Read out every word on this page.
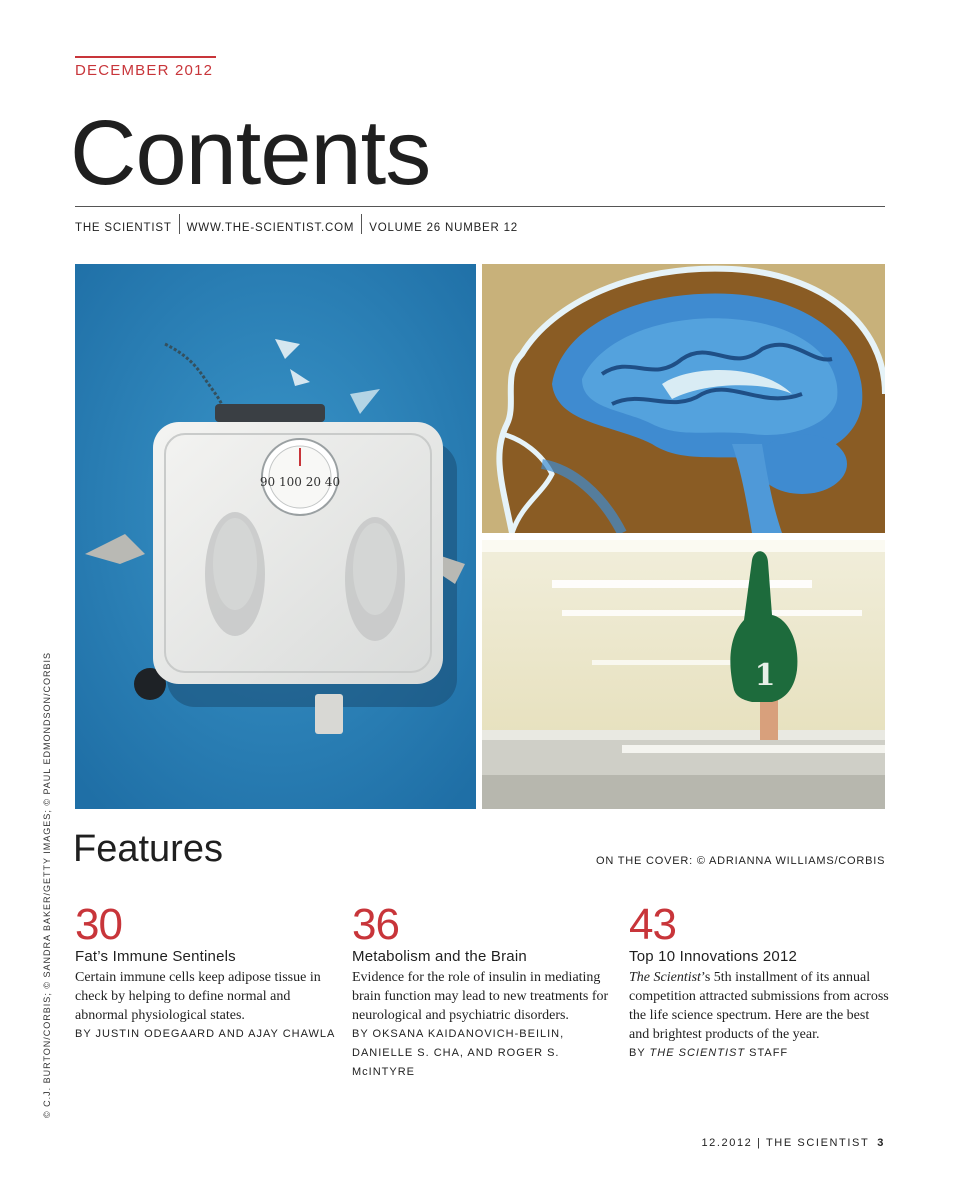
DECEMBER 2012
Contents
THE SCIENTIST WWW.THE-SCIENTIST.COM VOLUME 26 NUMBER 12
90 100 20 40
1
© C.J. BURTON/CORBIS; © SANDRA BAKER/GETTY IMAGES; © PAUL EDMONDSON/CORBIS Features	ON THE COVER: © ADRIANNA WILLIAMS/CORBIS
30
Fat’s Immune Sentinels
Certain immune cells keep adipose tissue in check by helping to define normal and abnormal physiological states.
BY JUSTIN ODEGAARD AND AJAY CHAWLA
36
Metabolism and the Brain
Evidence for the role of insulin in mediating brain function may lead to new treatments for neurological and psychiatric disorders.
BY OKSANA KAIDANOVICH-BEILIN, DANIELLE S. CHA, AND ROGER S. McINTYRE
43
Top 10 Innovations 2012
The Scientist’s 5th installment of its annual competition attracted submissions from across the life science spectrum. Here are the best and brightest products of the year.
BY THE SCIENTIST STAFF
12.2012 | THE SCIENTIST 3
